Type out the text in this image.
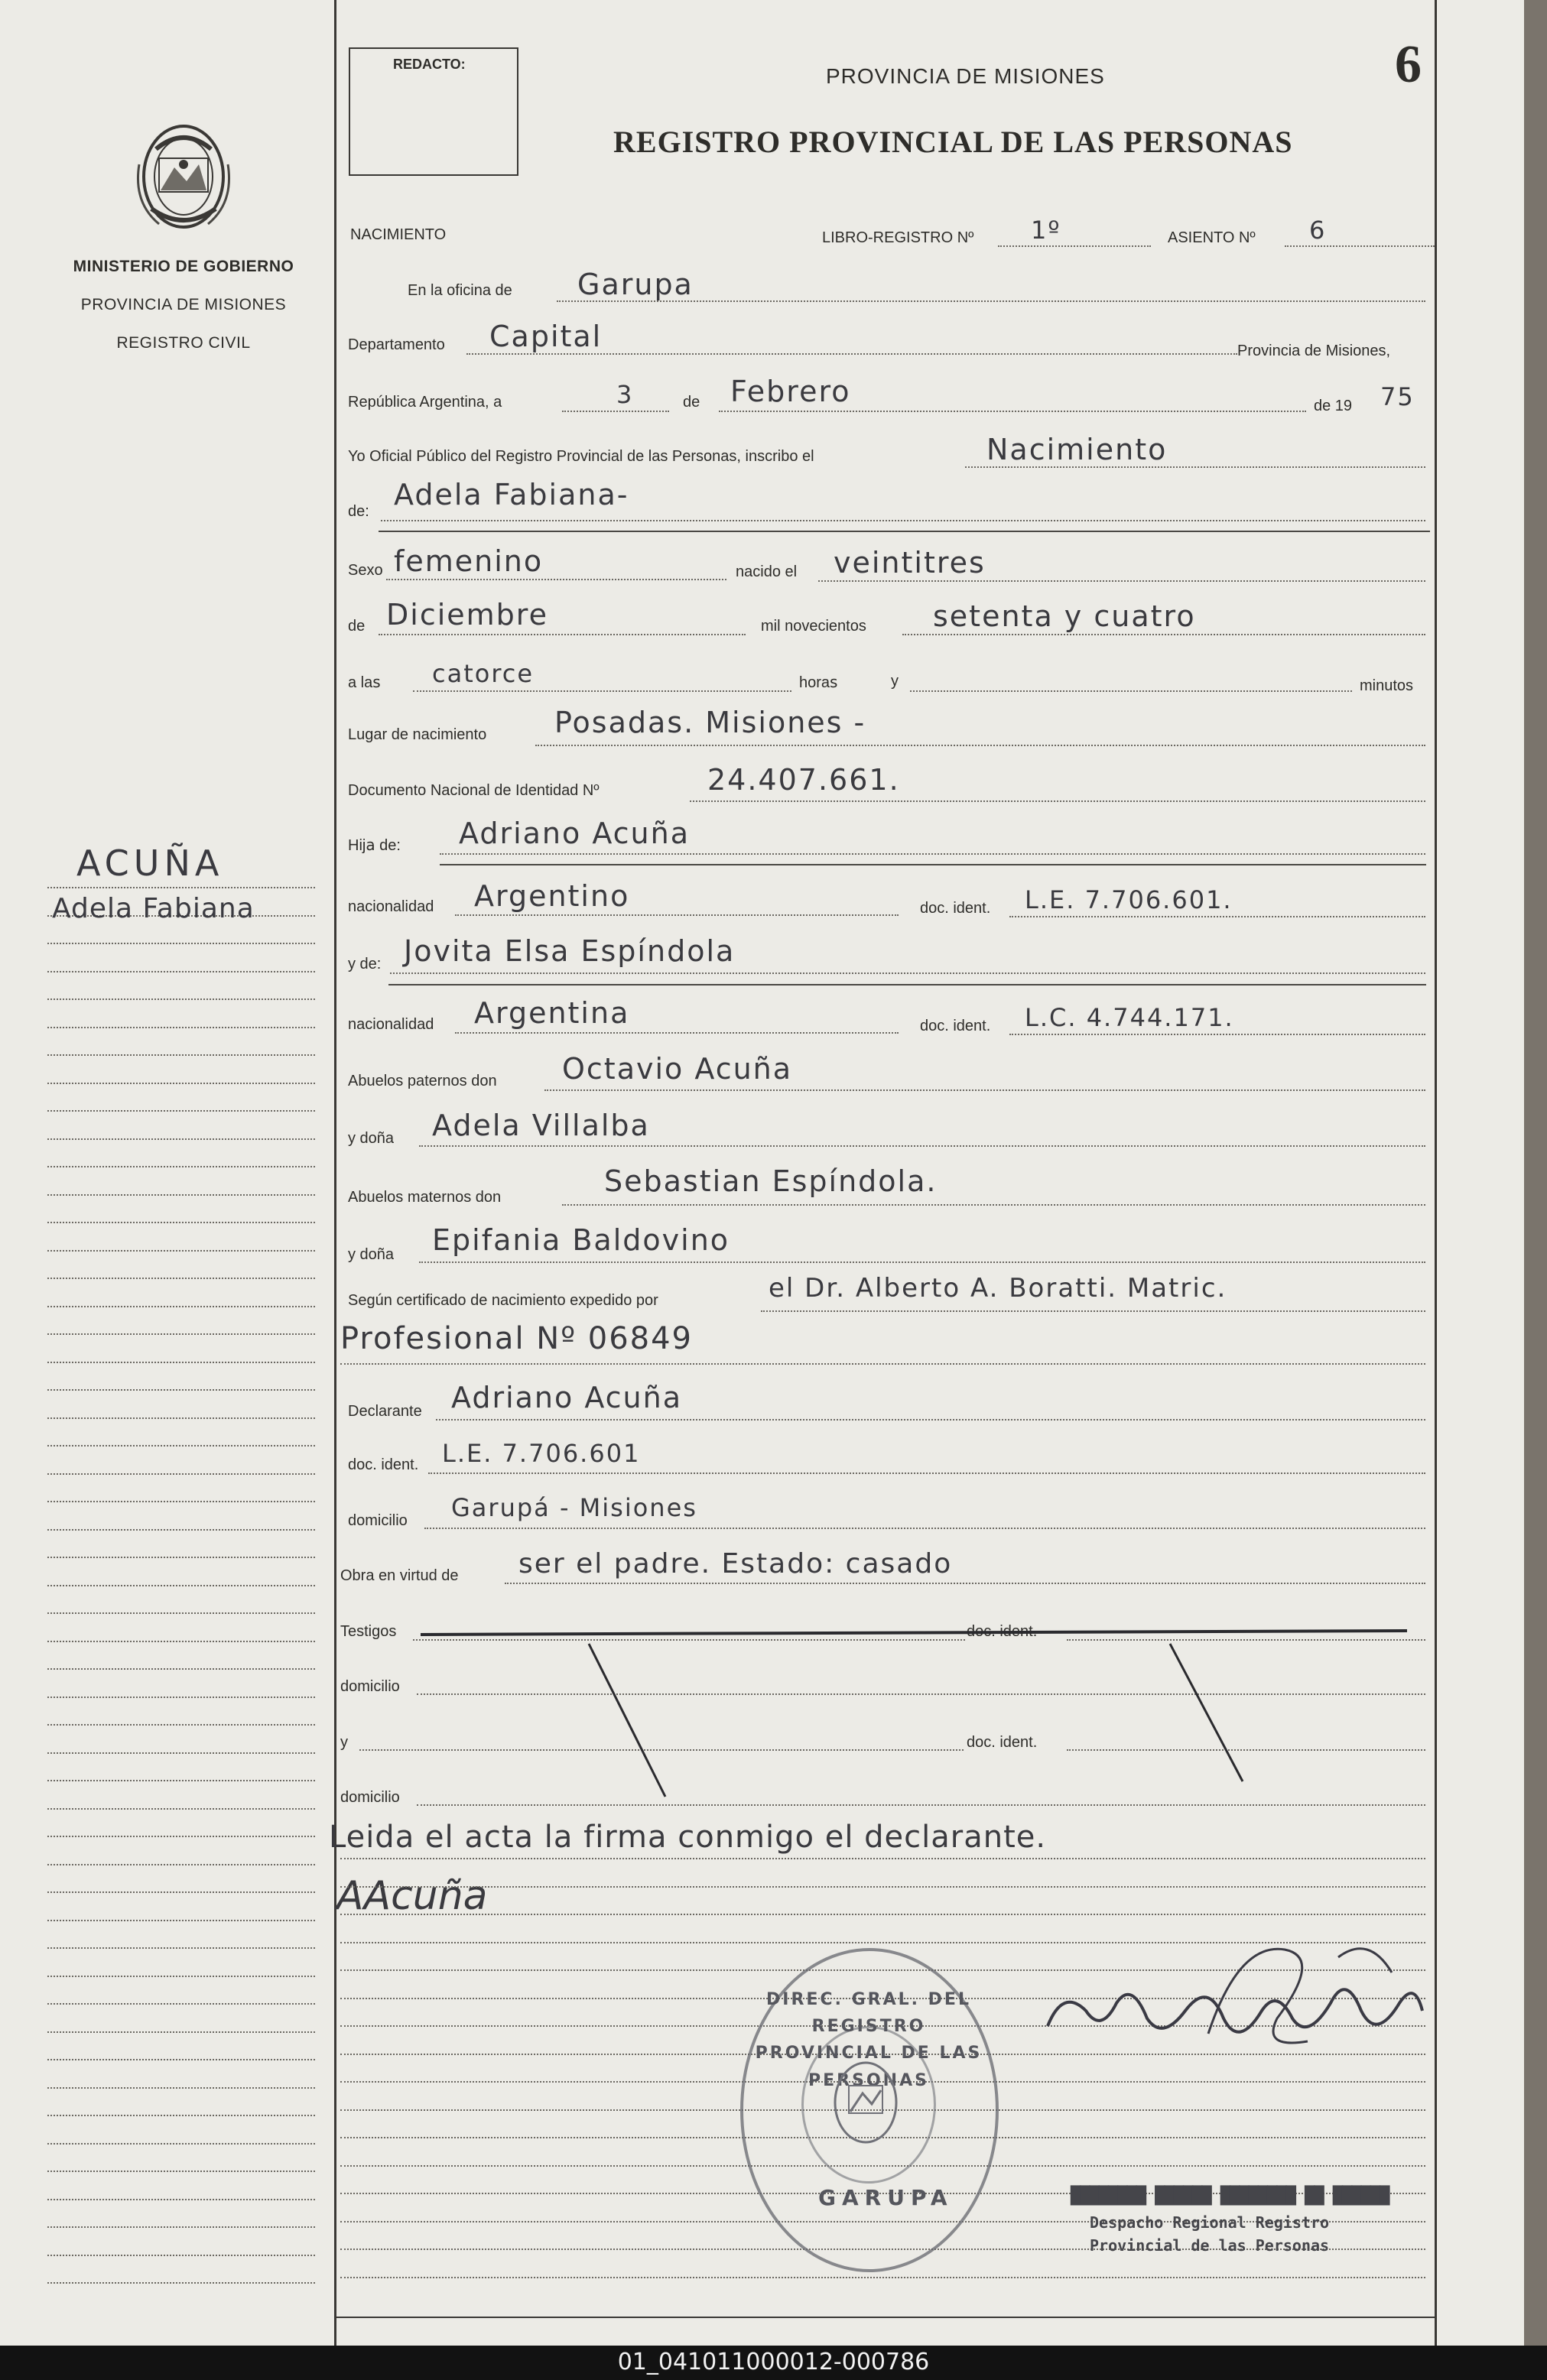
MINISTERIO DE GOBIERNO
PROVINCIA DE MISIONES
REGISTRO CIVIL
ACUÑA
Adela Fabiana
REDACTO:	PROVINCIA DE MISIONES
REGISTRO PROVINCIAL DE LAS PERSONAS
6
NACIMIENTO	LIBRO-REGISTRO Nº 1º	ASIENTO Nº 6
En la oficina de Garupa
Departamento Capital	Provincia de Misiones,
República Argentina, a	3	de Febrero	de 19 75
Yo Oficial Público del Registro Provincial de las Personas, inscribo el	Nacimiento
de: Adela Fabiana-
Sexo femenino	nacido el veintitres
de Diciembre	mil novecientos setenta y cuatro
a las catorce	horas	y	minutos
Lugar de nacimiento Posadas. Misiones -
Documento Nacional de Identidad Nº	24.407.661.
Hija de: Adriano Acuña
nacionalidad Argentino	doc. ident. L.E. 7.706.601.
y de: Jovita Elsa Espíndola
nacionalidad Argentina	doc. ident. L.C. 4.744.171.
Abuelos paternos don Octavio Acuña
y doña Adela Villalba
Abuelos maternos don	Sebastian Espíndola.
y doña Epifania Baldovino
Según certificado de nacimiento expedido por	el Dr. Alberto A. Boratti. Matric.
Profesional Nº 06849
Declarante Adriano Acuña
doc. ident. L.E. 7.706.601
domicilio Garupá - Misiones
Obra en virtud de ser el padre. Estado: casado
Testigos
domicilio
y	doc. ident.
domicilio
Leida el acta la firma conmigo el declarante.
AAcuña
DIREC. GRAL. DEL REGISTRO PROVINCIAL DE LAS PERSONAS
GARUPA	████████ ██████ ████████ ██ ██████
Despacho Regional Registro
Provincial de las Personas
01_041011000012-000786
